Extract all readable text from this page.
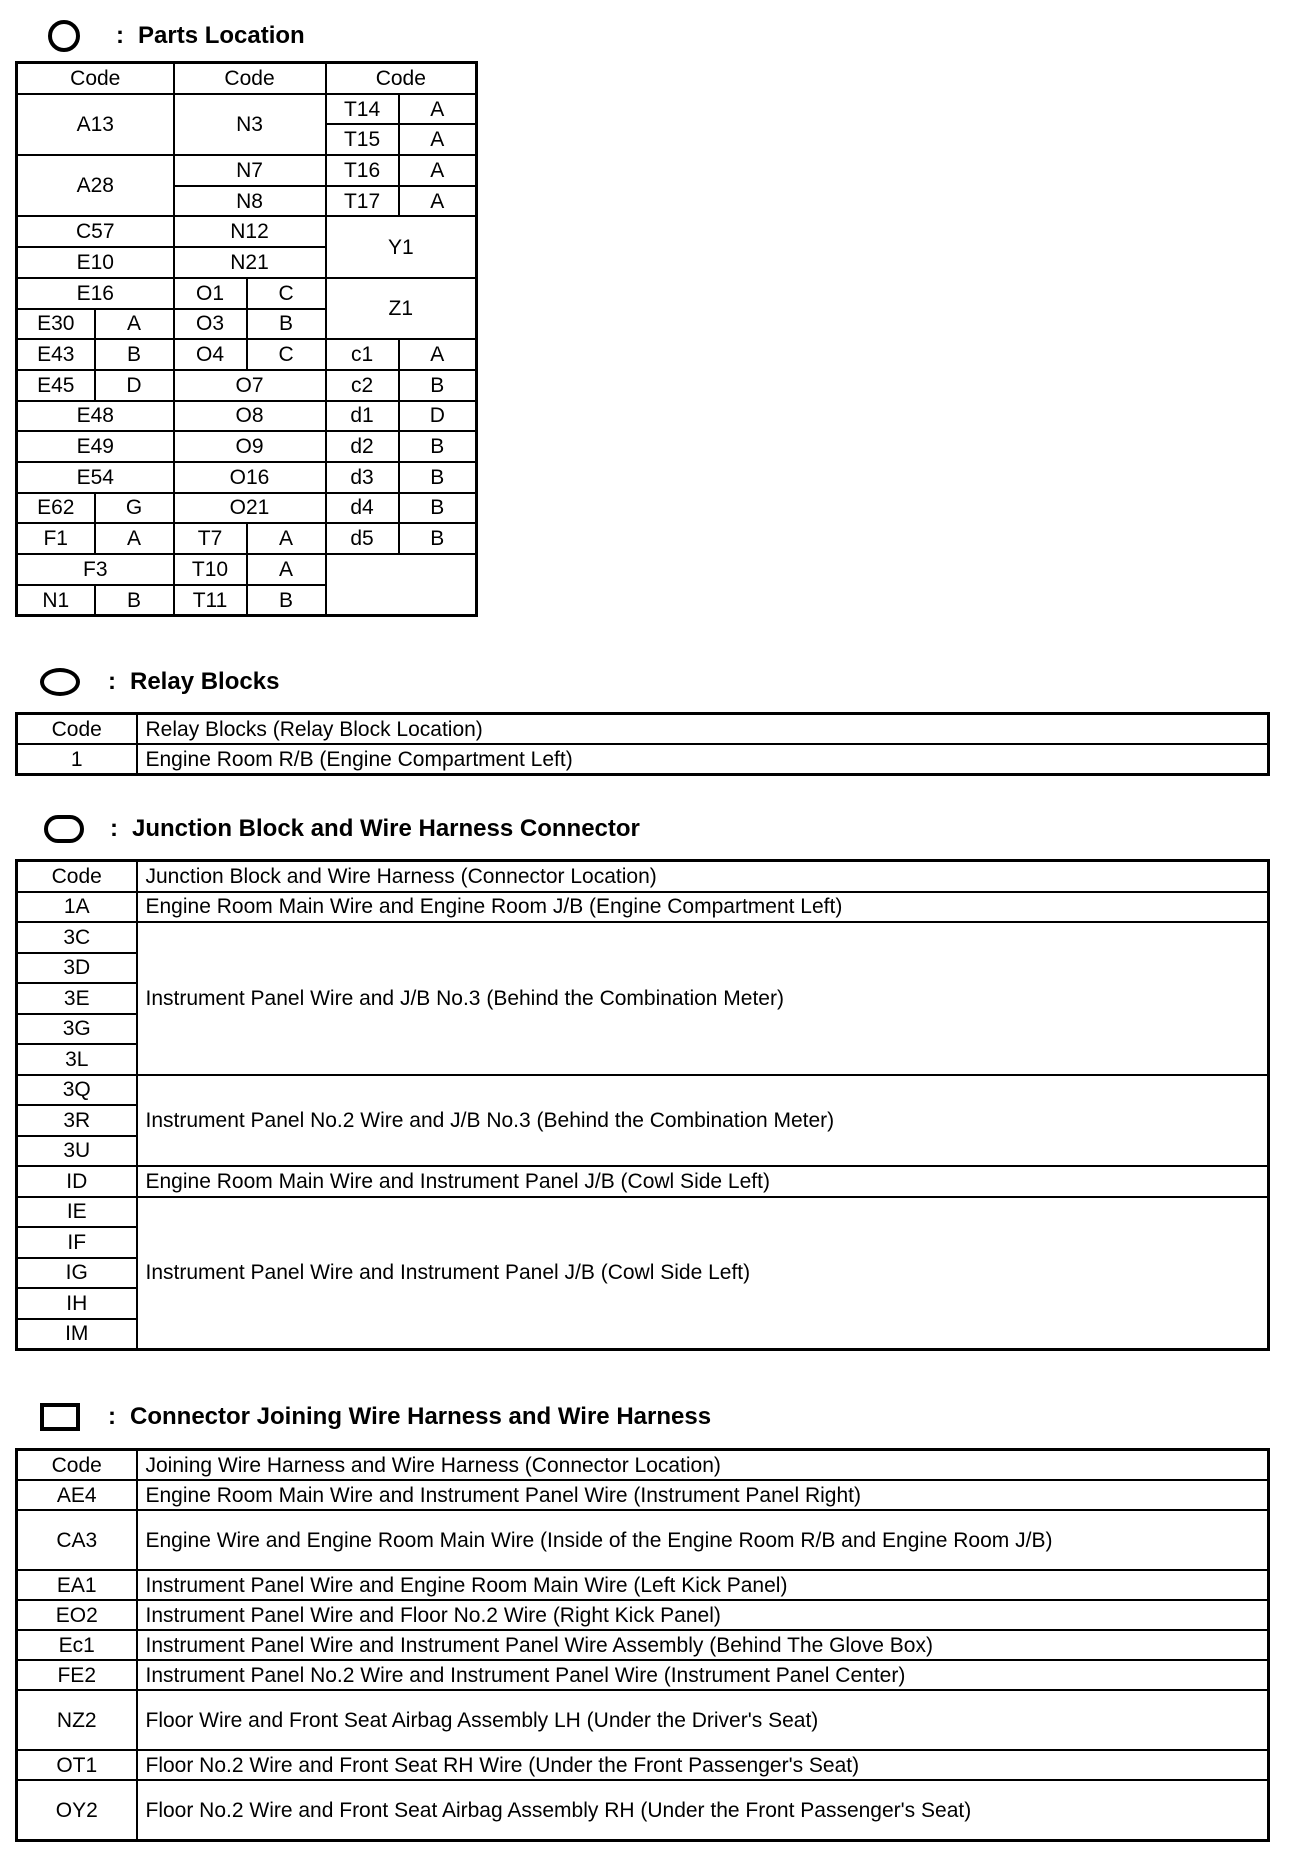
: Parts Location
Code		Code		Code	
A13		N3		T14	A
				T15	A
A28		N7		T16	A
		N8		T17	A
C57		N12		Y1	
E10		N21			
E16		O1	C	Z1	
E30	A	O3	B		
E43	B	O4	C	c1	A
E45	D	O7		c2	B
E48		O8		d1	D
E49		O9		d2	B
E54		O16		d3	B
E62	G	O21		d4	B
F1	A	T7	A	d5	B
F3		T10	A		
N1	B	T11	B		
: Relay Blocks
Code	Relay Blocks (Relay Block Location)
1	Engine Room R/B (Engine Compartment Left)
: Junction Block and Wire Harness Connector
Code	Junction Block and Wire Harness (Connector Location)
1A	Engine Room Main Wire and Engine Room J/B (Engine Compartment Left)
3C	Instrument Panel Wire and J/B No.3 (Behind the Combination Meter)
3D	
3E	
3G	
3L	
3Q	Instrument Panel No.2 Wire and J/B No.3 (Behind the Combination Meter)
3R	
3U	
ID	Engine Room Main Wire and Instrument Panel J/B (Cowl Side Left)
IE	Instrument Panel Wire and Instrument Panel J/B (Cowl Side Left)
IF	
IG	
IH	
IM	
: Connector Joining Wire Harness and Wire Harness
Code	Joining Wire Harness and Wire Harness (Connector Location)
AE4	Engine Room Main Wire and Instrument Panel Wire (Instrument Panel Right)
CA3	Engine Wire and Engine Room Main Wire (Inside of the Engine Room R/B and Engine Room J/B)
EA1	Instrument Panel Wire and Engine Room Main Wire (Left Kick Panel)
EO2	Instrument Panel Wire and Floor No.2 Wire (Right Kick Panel)
Ec1	Instrument Panel Wire and Instrument Panel Wire Assembly (Behind The Glove Box)
FE2	Instrument Panel No.2 Wire and Instrument Panel Wire (Instrument Panel Center)
NZ2	Floor Wire and Front Seat Airbag Assembly LH (Under the Driver's Seat)
OT1	Floor No.2 Wire and Front Seat RH Wire (Under the Front Passenger's Seat)
OY2	Floor No.2 Wire and Front Seat Airbag Assembly RH (Under the Front Passenger's Seat)
